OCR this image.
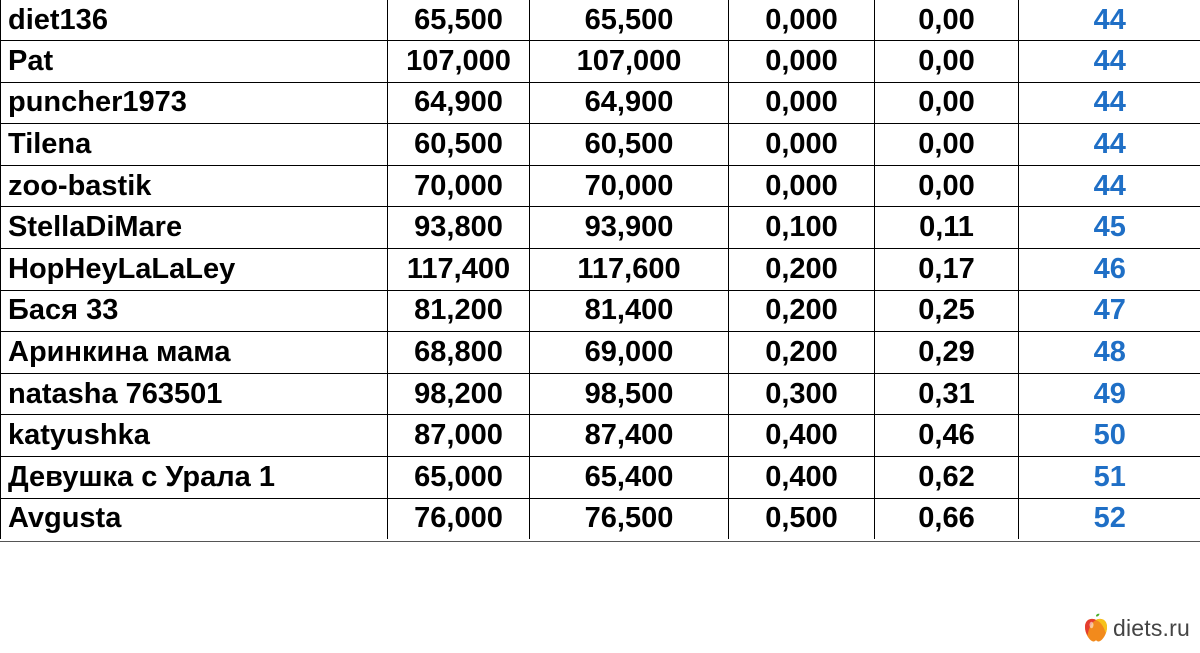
diet136	65,500	65,500	0,000	0,00	44
Pat	107,000	107,000	0,000	0,00	44
puncher1973	64,900	64,900	0,000	0,00	44
Tilena	60,500	60,500	0,000	0,00	44
zoo-bastik	70,000	70,000	0,000	0,00	44
StellaDiMare	93,800	93,900	0,100	0,11	45
HopHeyLaLaLey	117,400	117,600	0,200	0,17	46
Бася 33	81,200	81,400	0,200	0,25	47
Аринкина мама	68,800	69,000	0,200	0,29	48
natasha 763501	98,200	98,500	0,300	0,31	49
katyushka	87,000	87,400	0,400	0,46	50
Девушка с Урала 1	65,000	65,400	0,400	0,62	51
Avgusta	76,000	76,500	0,500	0,66	52
diets.ru
